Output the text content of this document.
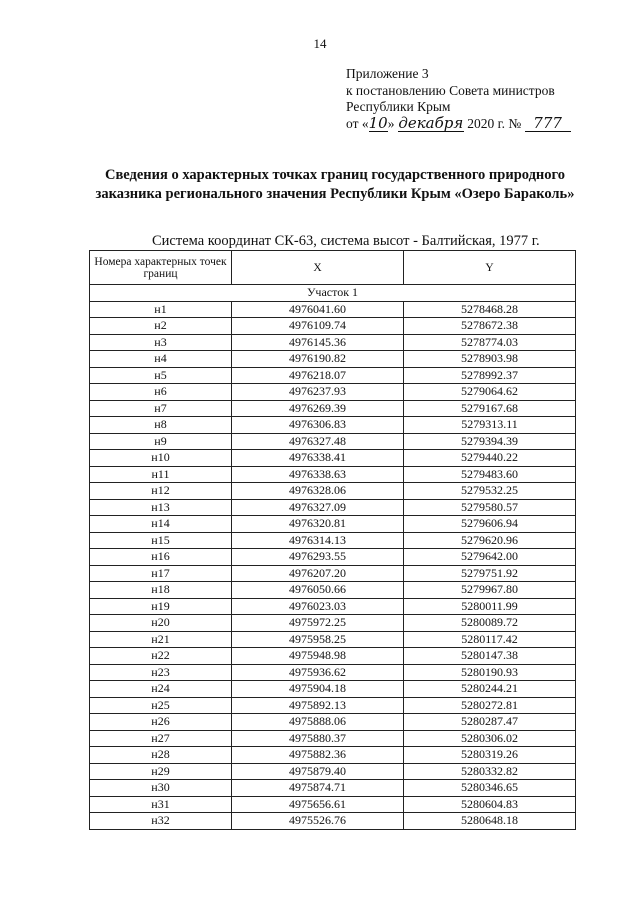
14
Приложение 3
к постановлению Совета министров
Республики Крым
от «10» декабря 2020 г. № 777
Сведения о характерных точках границ государственного природного заказника регионального значения Республики Крым «Озеро Бараколь»
Система координат СК-63, система высот - Балтийская, 1977 г.
Номера характерных точек границ	X	Y
Участок 1		
н1	4976041.60	5278468.28
н2	4976109.74	5278672.38
н3	4976145.36	5278774.03
н4	4976190.82	5278903.98
н5	4976218.07	5278992.37
н6	4976237.93	5279064.62
н7	4976269.39	5279167.68
н8	4976306.83	5279313.11
н9	4976327.48	5279394.39
н10	4976338.41	5279440.22
н11	4976338.63	5279483.60
н12	4976328.06	5279532.25
н13	4976327.09	5279580.57
н14	4976320.81	5279606.94
н15	4976314.13	5279620.96
н16	4976293.55	5279642.00
н17	4976207.20	5279751.92
н18	4976050.66	5279967.80
н19	4976023.03	5280011.99
н20	4975972.25	5280089.72
н21	4975958.25	5280117.42
н22	4975948.98	5280147.38
н23	4975936.62	5280190.93
н24	4975904.18	5280244.21
н25	4975892.13	5280272.81
н26	4975888.06	5280287.47
н27	4975880.37	5280306.02
н28	4975882.36	5280319.26
н29	4975879.40	5280332.82
н30	4975874.71	5280346.65
н31	4975656.61	5280604.83
н32	4975526.76	5280648.18
